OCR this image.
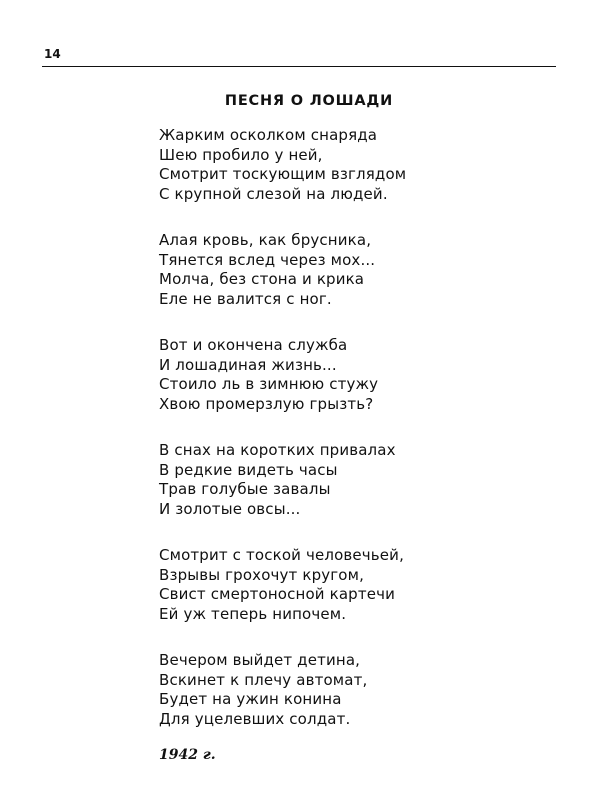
14
ПЕСНЯ О ЛОШАДИ
Жарким осколком снаряда
Шею пробило у ней,
Смотрит тоскующим взглядом
С крупной слезой на людей.
Алая кровь, как брусника,
Тянется вслед через мох...
Молча, без стона и крика
Еле не валится с ног.
Вот и окончена служба
И лошадиная жизнь...
Стоило ль в зимнюю стужу
Хвою промерзлую грызть?
В снах на коротких привалах
В редкие видеть часы
Трав голубые завалы
И золотые овсы...
Смотрит с тоской человечьей,
Взрывы грохочут кругом,
Свист смертоносной картечи
Ей уж теперь нипочем.
Вечером выйдет детина,
Вскинет к плечу автомат,
Будет на ужин конина
Для уцелевших солдат.
1942 г.
